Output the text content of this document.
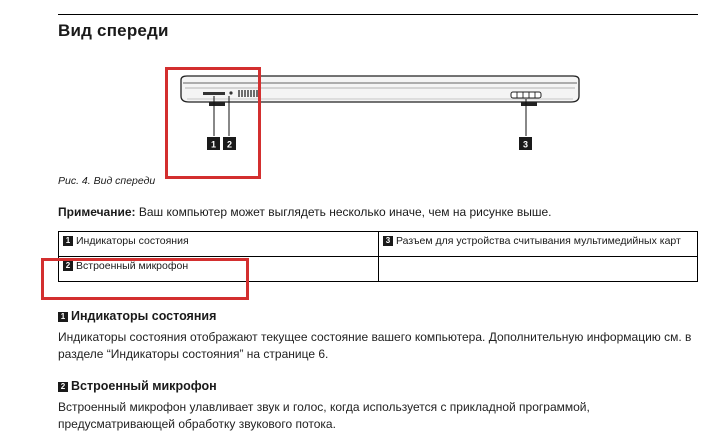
Вид спереди
1 2	3
Рис. 4. Вид спереди
Примечание: Ваш компьютер может выглядеть несколько иначе, чем на рисунке выше.
1 Индикаторы состояния	3 Разъем для устройства считывания мультимедийных карт
2 Встроенный микрофон	
1 Индикаторы состояния

Индикаторы состояния отображают текущее состояние вашего компьютера. Дополнительную информацию см. в разделе “Индикаторы состояния” на странице 6.

2 Встроенный микрофон

Встроенный микрофон улавливает звук и голос, когда используется с прикладной программой, предусматривающей обработку звукового потока.
